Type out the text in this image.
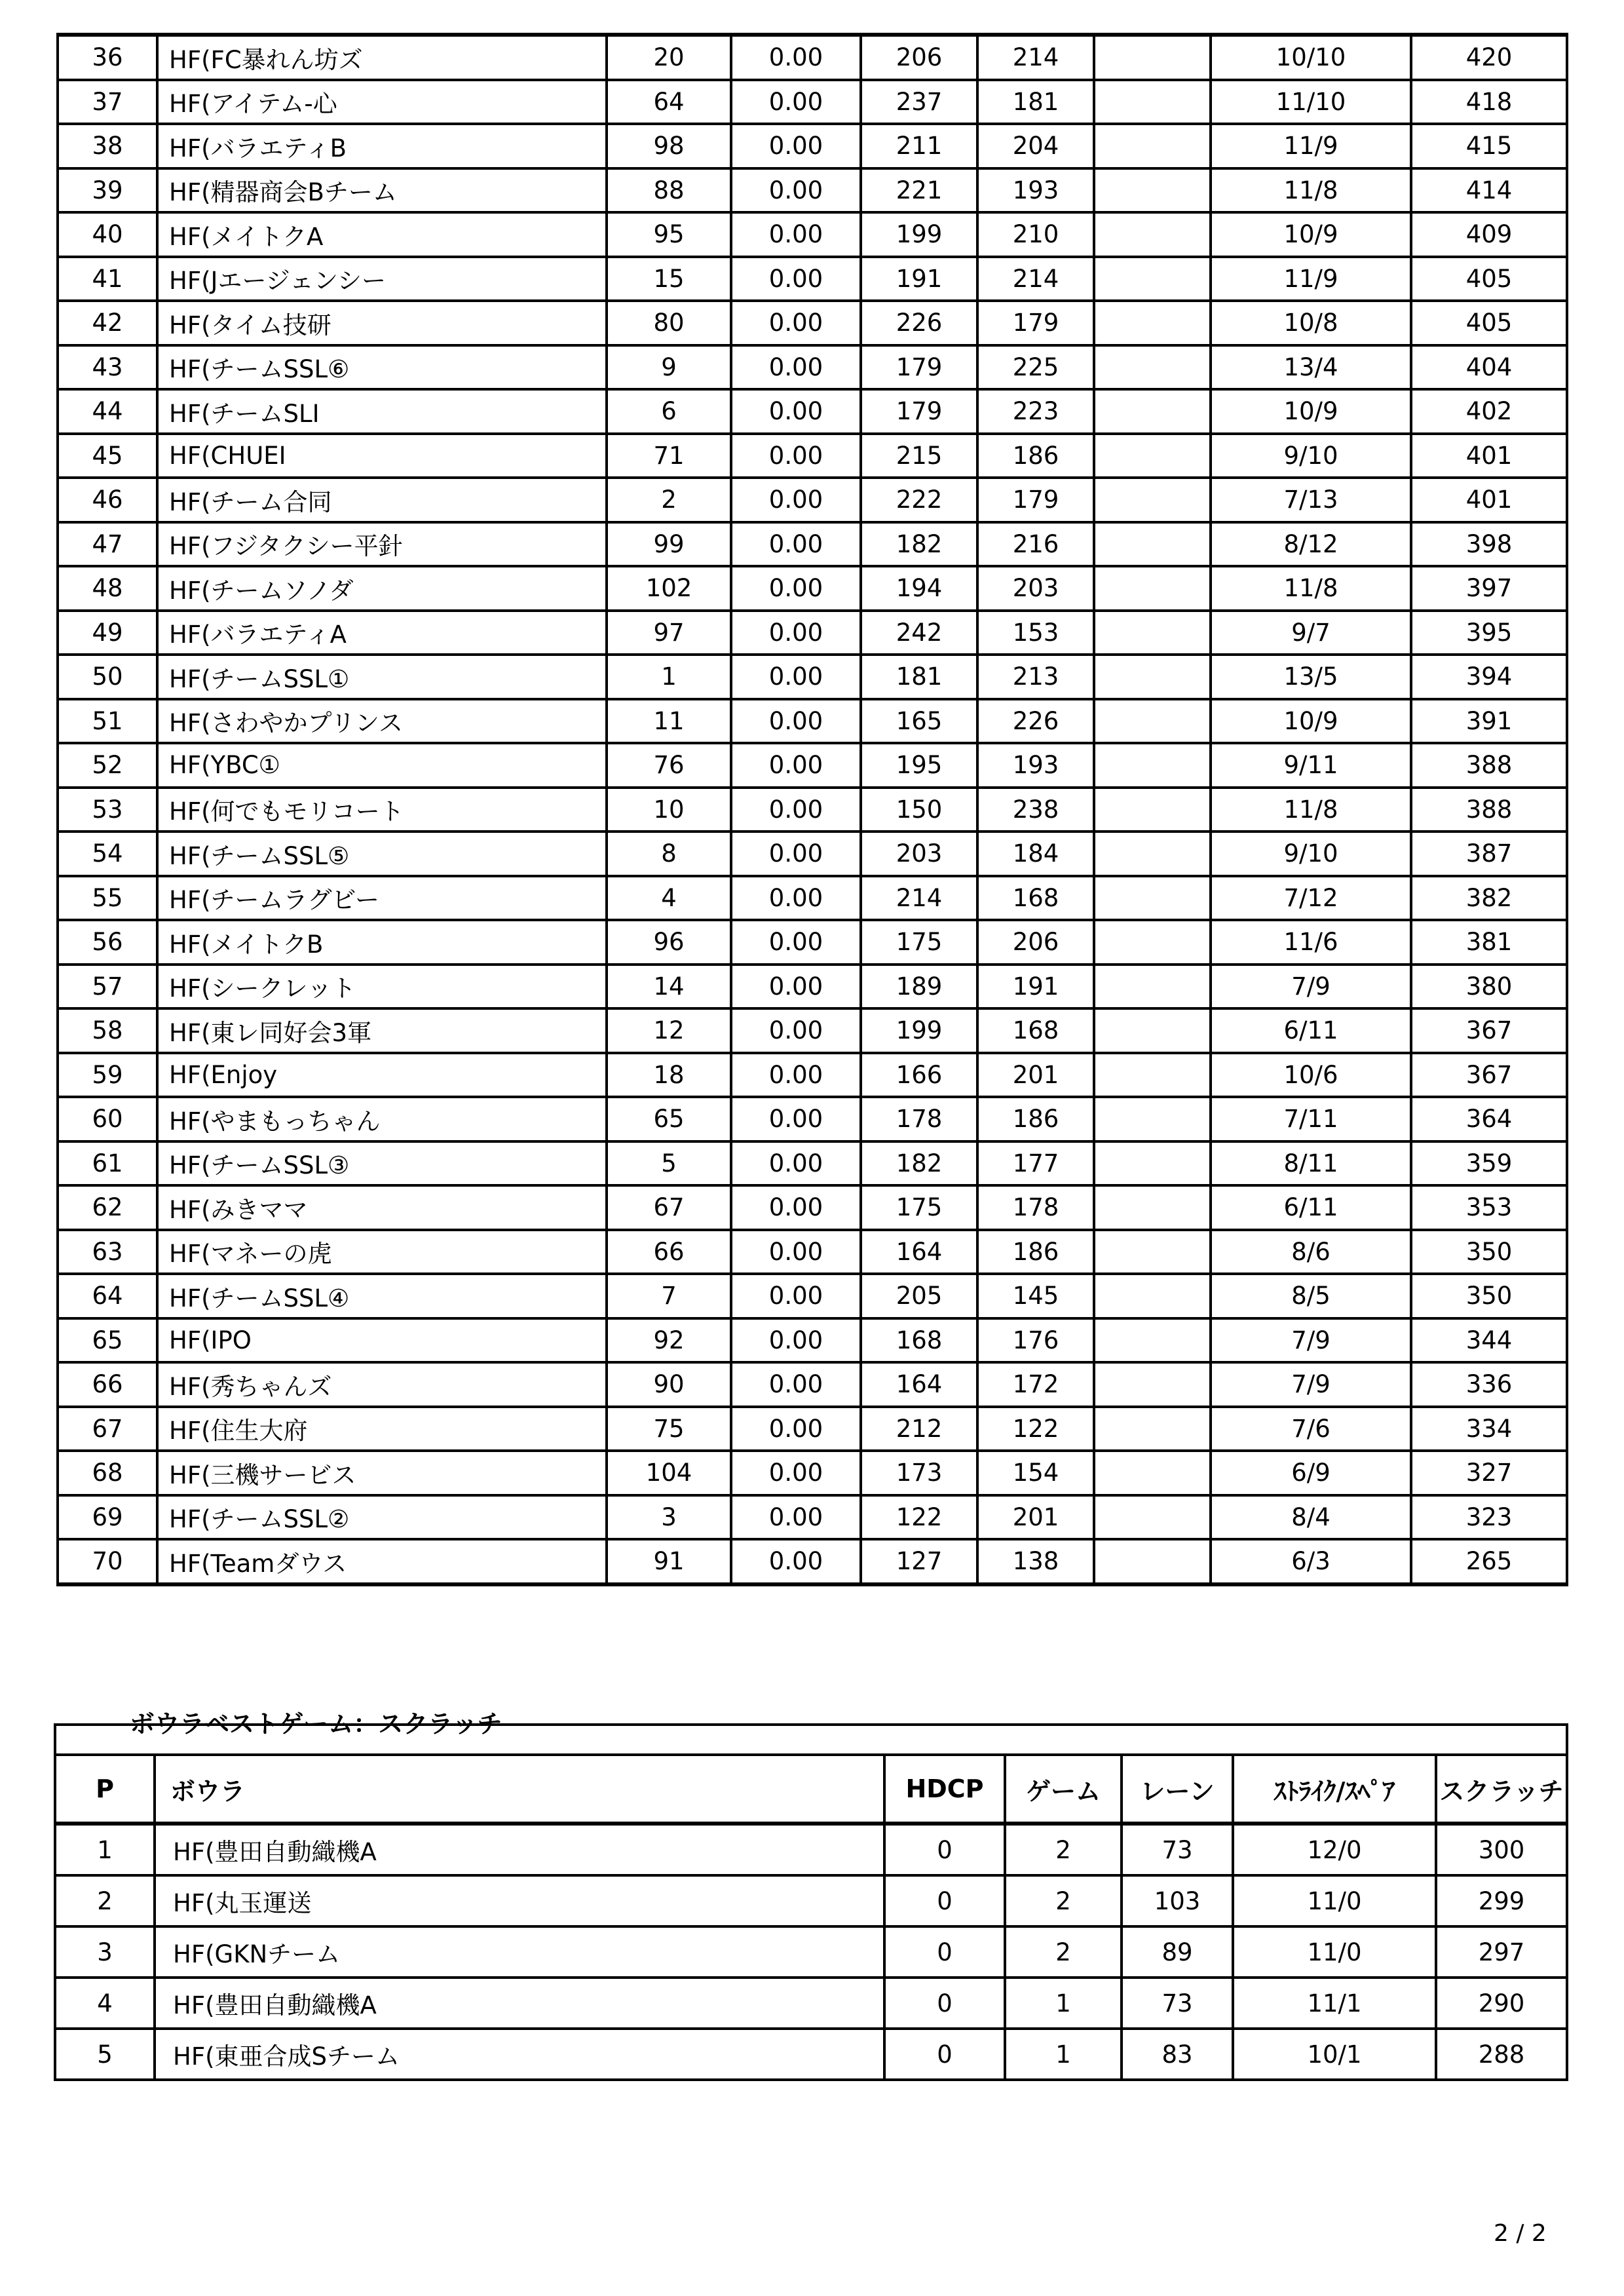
36	HF(FC暴れん坊ズ	20	0.00	206	214		10/10	420
37	HF(アイテム-心	64	0.00	237	181		11/10	418
38	HF(バラエティB	98	0.00	211	204		11/9	415
39	HF(精器商会Bチーム	88	0.00	221	193		11/8	414
40	HF(メイトクA	95	0.00	199	210		10/9	409
41	HF(Jエージェンシー	15	0.00	191	214		11/9	405
42	HF(タイム技研	80	0.00	226	179		10/8	405
43	HF(チームSSL⑥	9	0.00	179	225		13/4	404
44	HF(チームSLI	6	0.00	179	223		10/9	402
45	HF(CHUEI	71	0.00	215	186		9/10	401
46	HF(チーム合同	2	0.00	222	179		7/13	401
47	HF(フジタクシー平針	99	0.00	182	216		8/12	398
48	HF(チームソノダ	102	0.00	194	203		11/8	397
49	HF(バラエティA	97	0.00	242	153		9/7	395
50	HF(チームSSL①	1	0.00	181	213		13/5	394
51	HF(さわやかプリンス	11	0.00	165	226		10/9	391
52	HF(YBC①	76	0.00	195	193		9/11	388
53	HF(何でもモリコート	10	0.00	150	238		11/8	388
54	HF(チームSSL⑤	8	0.00	203	184		9/10	387
55	HF(チームラグビー	4	0.00	214	168		7/12	382
56	HF(メイトクB	96	0.00	175	206		11/6	381
57	HF(シークレット	14	0.00	189	191		7/9	380
58	HF(東レ同好会3軍	12	0.00	199	168		6/11	367
59	HF(Enjoy	18	0.00	166	201		10/6	367
60	HF(やまもっちゃん	65	0.00	178	186		7/11	364
61	HF(チームSSL③	5	0.00	182	177		8/11	359
62	HF(みきママ	67	0.00	175	178		6/11	353
63	HF(マネーの虎	66	0.00	164	186		8/6	350
64	HF(チームSSL④	7	0.00	205	145		8/5	350
65	HF(IPO	92	0.00	168	176		7/9	344
66	HF(秀ちゃんズ	90	0.00	164	172		7/9	336
67	HF(住生大府	75	0.00	212	122		7/6	334
68	HF(三機サービス	104	0.00	173	154		6/9	327
69	HF(チームSSL②	3	0.00	122	201		8/4	323
70	HF(Teamダウス	91	0.00	127	138		6/3	265
ボウラベストゲーム：スクラッチ

P	ボウラ	HDCP	ゲーム	レーン	ｽﾄﾗｲｸ/ｽﾍﾟｱ	スクラッチ
1	HF(豊田自動織機A	0	2	73	12/0	300
2	HF(丸玉運送	0	2	103	11/0	299
3	HF(GKNチーム	0	2	89	11/0	297
4	HF(豊田自動織機A	0	1	73	11/1	290
5	HF(東亜合成Sチーム	0	1	83	10/1	288
2 / 2
